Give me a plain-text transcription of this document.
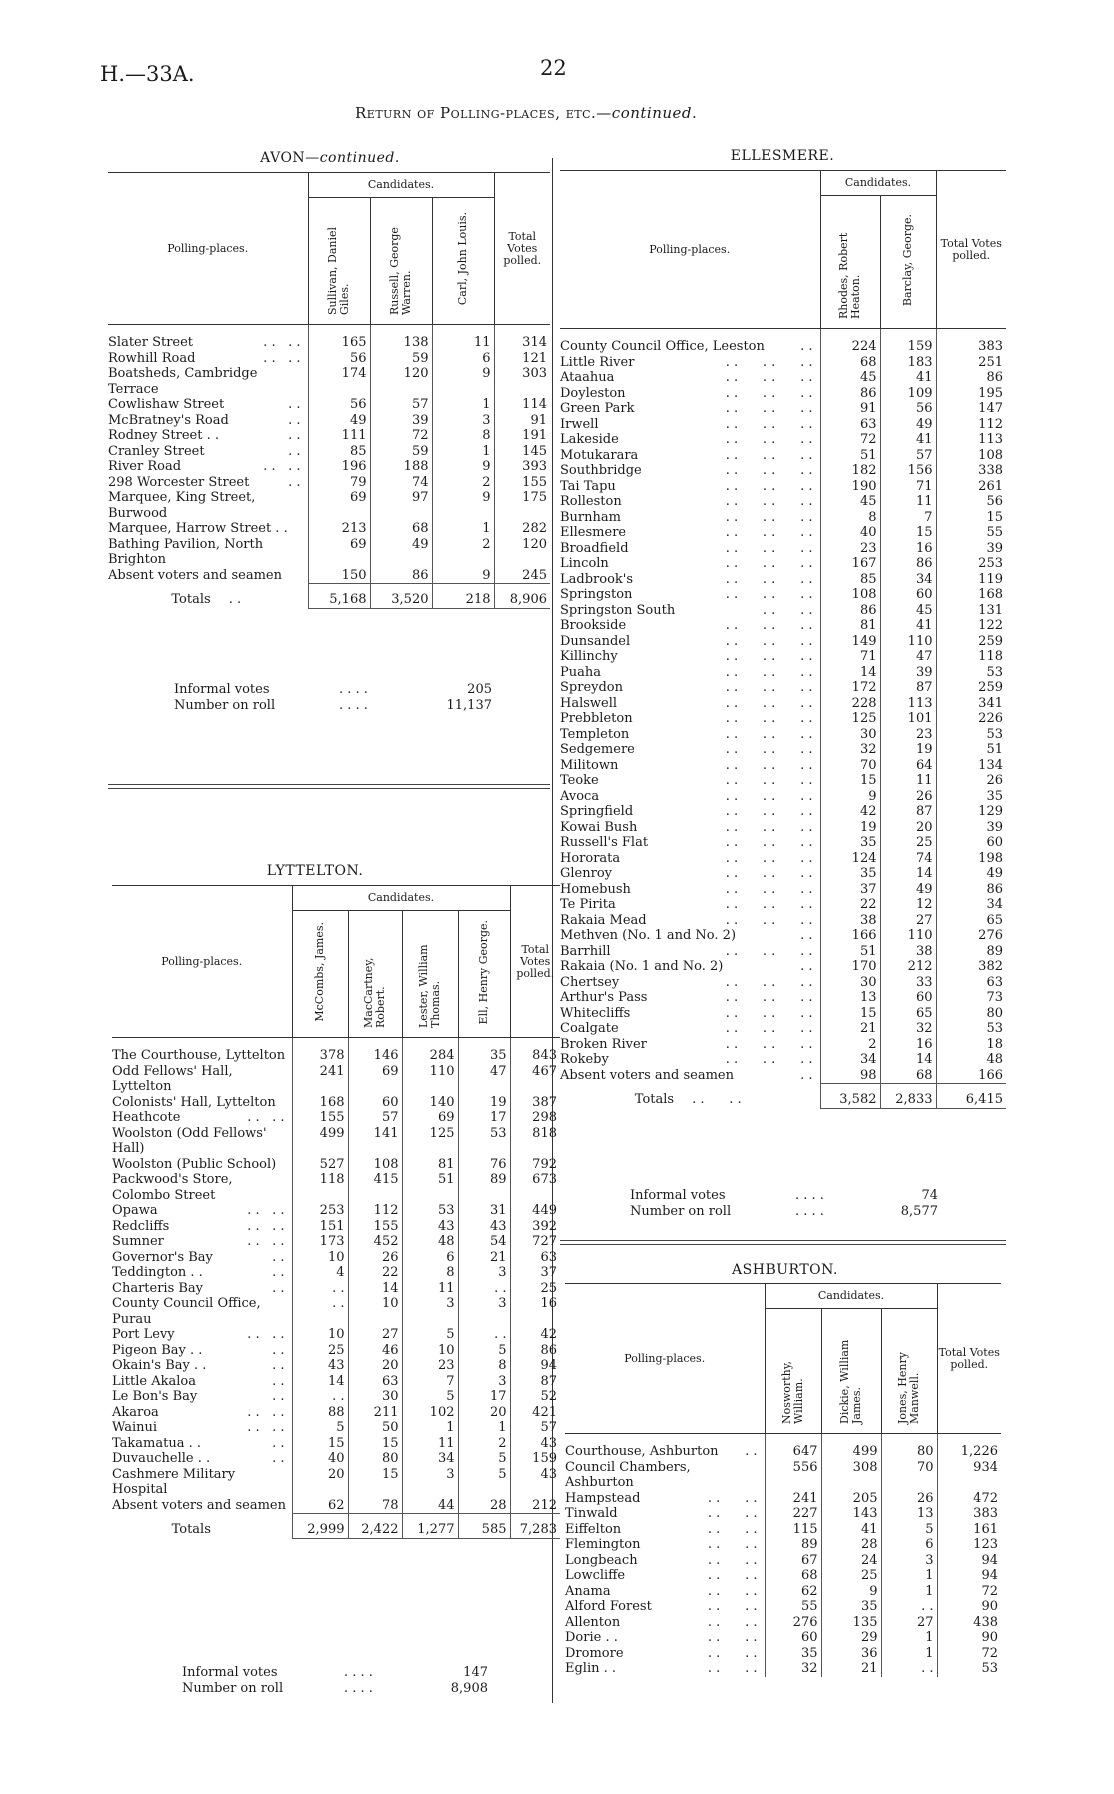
H.—33A.	22
Return of Polling-places, etc.—continued.
AVON—continued.
Polling-places.	Candidates.			Total Votes polled.
	Sullivan, Daniel Giles.	Russell, George Warren.	Carl, John Louis.	

Slater Street . .   . .	165	138	11	314
Rowhill Road . .   . .	56	59	6	121
Boatsheds, Cambridge Terrace	174	120	9	303
Cowlishaw Street . .	56	57	1	114
McBratney's Road . .	49	39	3	91
Rodney Street . . . .	111	72	8	191
Cranley Street . .	85	59	1	145
River Road . .   . .	196	188	9	393
298 Worcester Street . .	79	74	2	155
Marquee, King Street, Burwood	69	97	9	175
Marquee, Harrow Street . .	213	68	1	282
Bathing Pavilion, North Brighton	69	49	2	120
Absent voters and seamen	150	86	9	245
Totals . .	5,168	3,520	218	8,906
Informal votes	. . . .	205
Number on roll	. . . .	11,137
LYTTELTON.
Polling-places.	Candidates.				Total Votes polled.
	McCombs, James.	MacCartney, Robert.	Lester, William Thomas.	Ell, Henry George.	

The Courthouse, Lyttelton	378	146	284	35	843
Odd Fellows' Hall, Lyttelton	241	69	110	47	467
Colonists' Hall, Lyttelton	168	60	140	19	387
Heathcote . .   . .	155	57	69	17	298
Woolston (Odd Fellows' Hall)	499	141	125	53	818
Woolston (Public School)	527	108	81	76	792
Packwood's Store, Colombo Street	118	415	51	89	673
Opawa . .   . .	253	112	53	31	449
Redcliffs . .   . .	151	155	43	43	392
Sumner . .   . .	173	452	48	54	727
Governor's Bay . .	10	26	6	21	63
Teddington . . . .	4	22	8	3	37
Charteris Bay . .	. .	14	11	. .	25
County Council Office, Purau	. .	10	3	3	16
Port Levy . .   . .	10	27	5	. .	42
Pigeon Bay . . . .	25	46	10	5	86
Okain's Bay . . . .	43	20	23	8	94
Little Akaloa . .	14	63	7	3	87
Le Bon's Bay . .	. .	30	5	17	52
Akaroa . .   . .	88	211	102	20	421
Wainui . .   . .	5	50	1	1	57
Takamatua . . . .	15	15	11	2	43
Duvauchelle . . . .	40	80	34	5	159
Cashmere Military Hospital	20	15	3	5	43
Absent voters and seamen	62	78	44	28	212
Totals	2,999	2,422	1,277	585	7,283
Informal votes	. . . .	147
Number on roll	. . . .	8,908
ELLESMERE.
Polling-places.	Candidates.		Total Votes polled.
	Rhodes, Robert Heaton.	Barclay, George.	

County Council Office, Leeston . .	224	159	383
Little River . .      . .      . .	68	183	251
Ataahua . .      . .      . .	45	41	86
Doyleston . .      . .      . .	86	109	195
Green Park . .      . .      . .	91	56	147
Irwell . .      . .      . .	63	49	112
Lakeside . .      . .      . .	72	41	113
Motukarara . .      . .      . .	51	57	108
Southbridge . .      . .      . .	182	156	338
Tai Tapu . .      . .      . .	190	71	261
Rolleston . .      . .      . .	45	11	56
Burnham . .      . .      . .	8	7	15
Ellesmere . .      . .      . .	40	15	55
Broadfield . .      . .      . .	23	16	39
Lincoln . .      . .      . .	167	86	253
Ladbrook's . .      . .      . .	85	34	119
Springston . .      . .      . .	108	60	168
Springston South . .      . .	86	45	131
Brookside . .      . .      . .	81	41	122
Dunsandel . .      . .      . .	149	110	259
Killinchy . .      . .      . .	71	47	118
Puaha . .      . .      . .	14	39	53
Spreydon . .      . .      . .	172	87	259
Halswell . .      . .      . .	228	113	341
Prebbleton . .      . .      . .	125	101	226
Templeton . .      . .      . .	30	23	53
Sedgemere . .      . .      . .	32	19	51
Militown . .      . .      . .	70	64	134
Teoke . .      . .      . .	15	11	26
Avoca . .      . .      . .	9	26	35
Springfield . .      . .      . .	42	87	129
Kowai Bush . .      . .      . .	19	20	39
Russell's Flat . .      . .      . .	35	25	60
Hororata . .      . .      . .	124	74	198
Glenroy . .      . .      . .	35	14	49
Homebush . .      . .      . .	37	49	86
Te Pirita . .      . .      . .	22	12	34
Rakaia Mead . .      . .      . .	38	27	65
Methven (No. 1 and No. 2) . .	166	110	276
Barrhill . .      . .      . .	51	38	89
Rakaia (No. 1 and No. 2) . .	170	212	382
Chertsey . .      . .      . .	30	33	63
Arthur's Pass . .      . .      . .	13	60	73
Whitecliffs . .      . .      . .	15	65	80
Coalgate . .      . .      . .	21	32	53
Broken River . .      . .      . .	2	16	18
Rokeby . .      . .      . .	34	14	48
Absent voters and seamen . .	98	68	166
Totals . .      . .	3,582	2,833	6,415
Informal votes	. . . .	74
Number on roll	. . . .	8,577
ASHBURTON.
Polling-places.	Candidates.			Total Votes polled.
	Nosworthy, William.	Dickie, William James.	Jones, Henry Manwell.	

Courthouse, Ashburton . .	647	499	80	1,226
Council Chambers, Ashburton	556	308	70	934
Hampstead . .      . .	241	205	26	472
Tinwald . .      . .	227	143	13	383
Eiffelton . .      . .	115	41	5	161
Flemington . .      . .	89	28	6	123
Longbeach . .      . .	67	24	3	94
Lowcliffe . .      . .	68	25	1	94
Anama . .      . .	62	9	1	72
Alford Forest . .      . .	55	35	. .	90
Allenton . .      . .	276	135	27	438
Dorie . . . .      . .	60	29	1	90
Dromore . .      . .	35	36	1	72
Eglin . . . .      . .	32	21	. .	53
